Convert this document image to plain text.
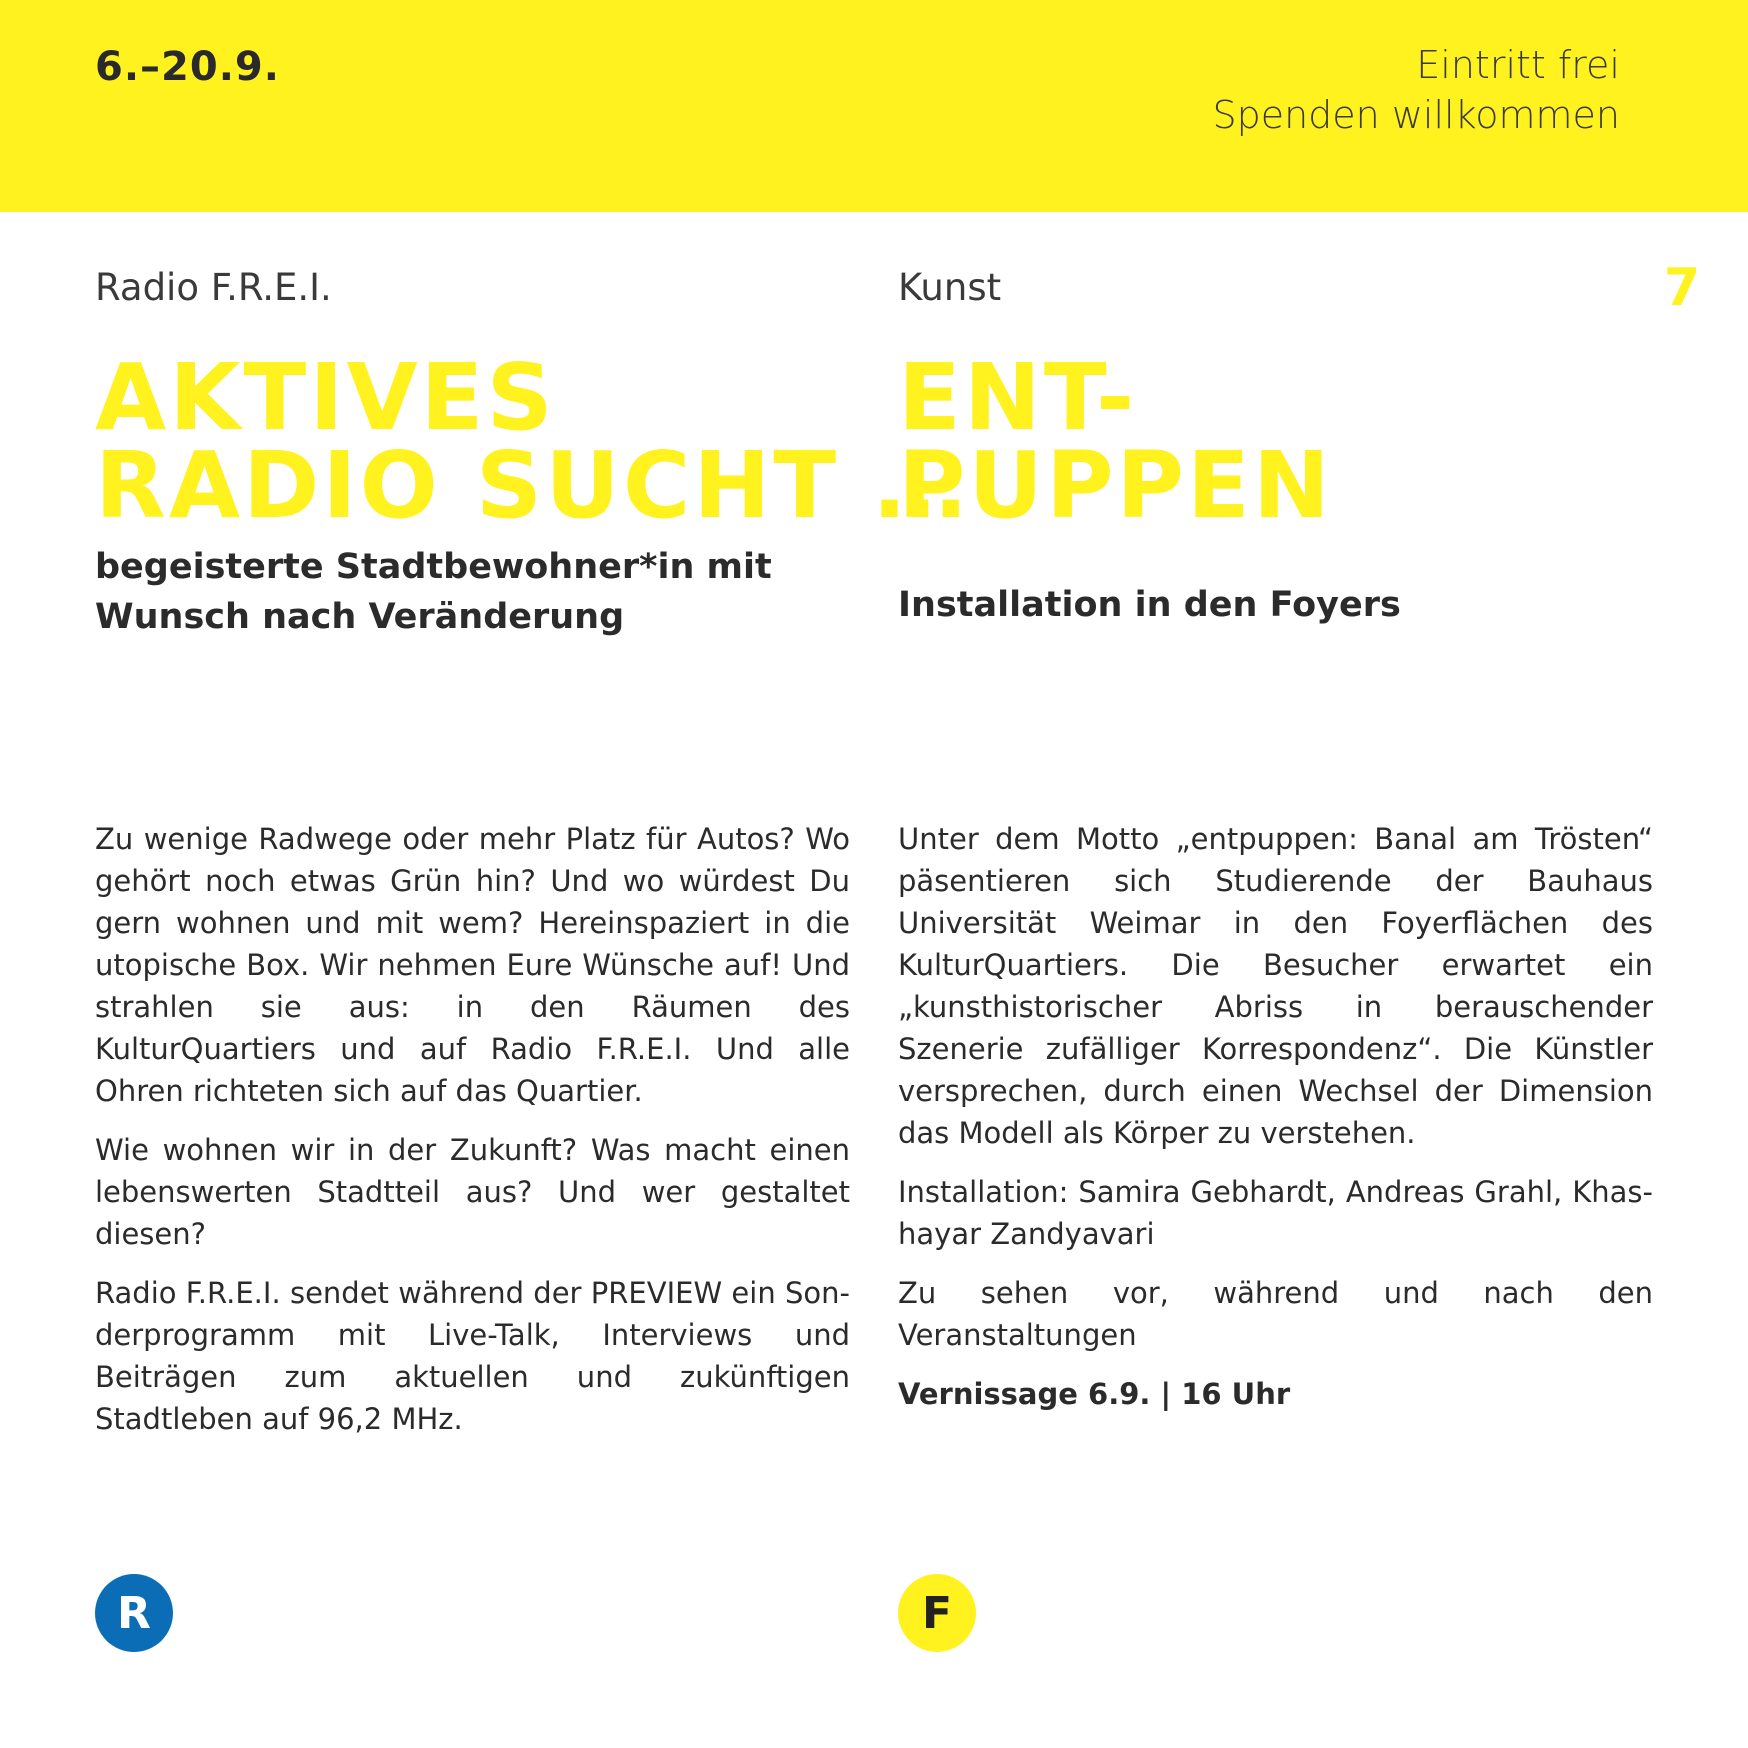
6.–20.9.	Eintritt frei
Spenden willkommen
7
Radio F.R.E.I.
AKTIVES
RADIO SUCHT …
begeisterte Stadtbewohner*in mit
Wunsch nach Veränderung

Zu wenige Radwege oder mehr Platz für Autos? Wo gehört noch etwas Grün hin? Und wo würdest Du gern wohnen und mit wem? Hereinspaziert in die utopische Box. Wir nehmen Eure Wünsche auf! Und strahlen sie aus: in den Räumen des KulturQuartiers und auf Radio F.R.E.I. Und alle Ohren richteten sich auf das Quartier.

Wie wohnen wir in der Zukunft? Was macht einen lebenswerten Stadtteil aus? Und wer gestaltet diesen?

Radio F.R.E.I. sendet während der PREVIEW ein Sonderprogramm mit Live-Talk, Interviews und Beiträgen zum aktuellen und zukünftigen Stadtleben auf 96,2 MHz.

Kunst
ENT-
PUPPEN
Installation in den Foyers

Unter dem Motto „entpuppen: Banal am Trösten“ päsentieren sich Studierende der Bauhaus Universität Weimar in den Foyerflächen des KulturQuartiers. Die Besucher erwartet ein „kunsthistorischer Abriss in berauschender Szenerie zufälliger Korrespondenz“. Die Künstler versprechen, durch einen Wechsel der Dimension das Modell als Körper zu verstehen.

Installation: Samira Gebhardt, Andreas Grahl, Khashayar Zandyavari

Zu sehen vor, während und nach den Veranstaltungen

Vernissage 6.9. | 16 Uhr

R	F
